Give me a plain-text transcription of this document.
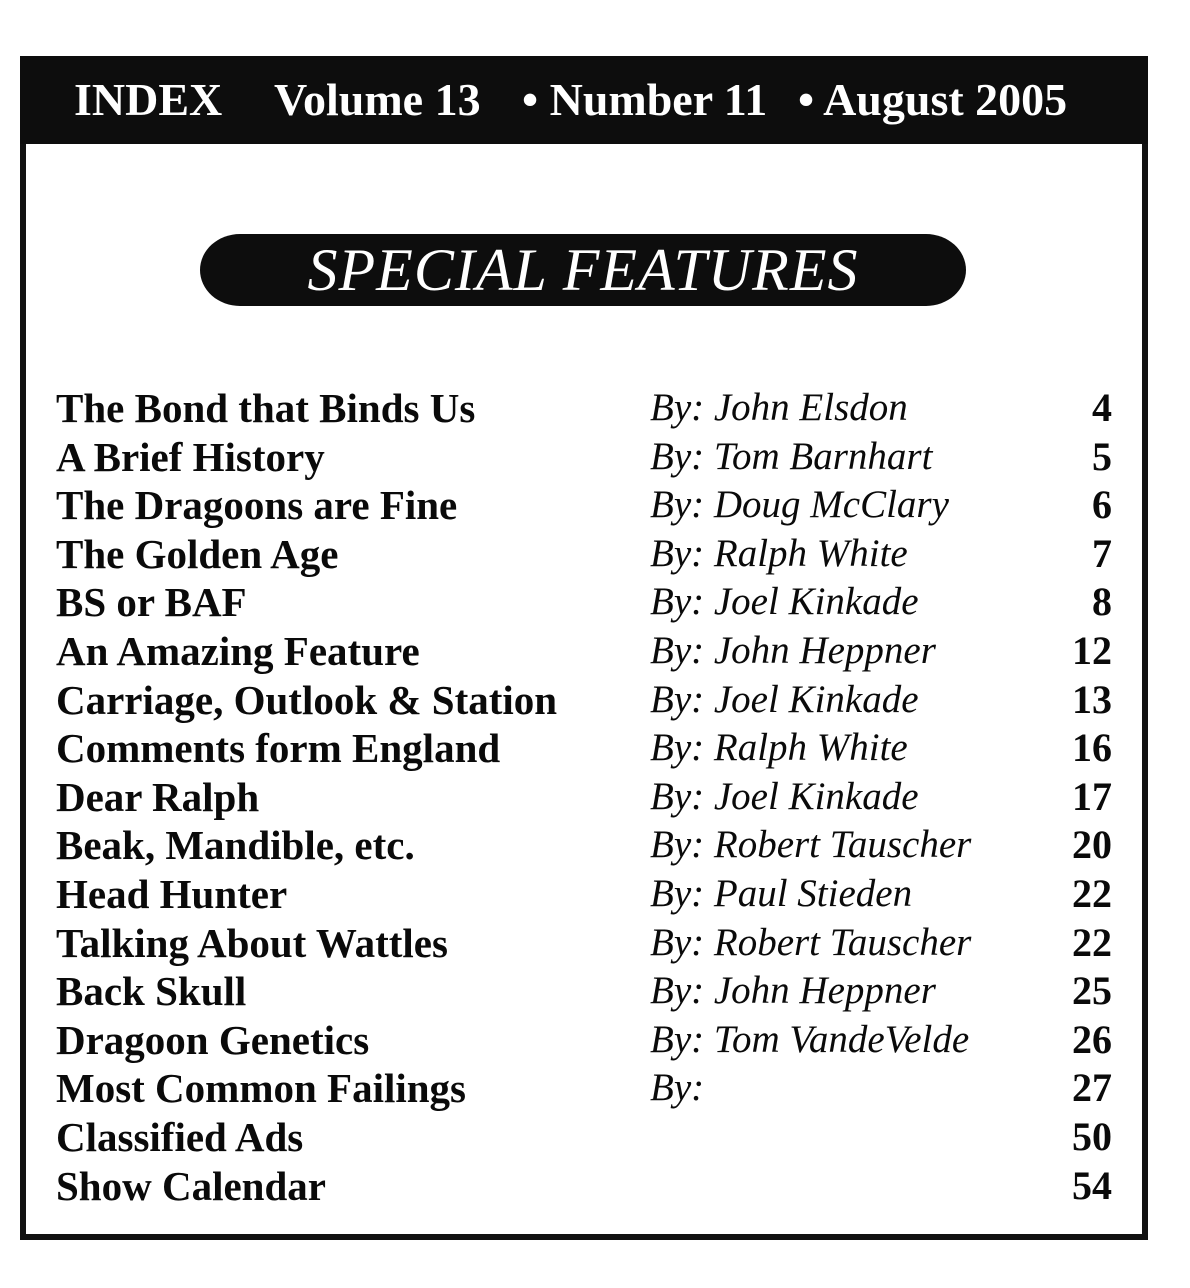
INDEX Volume 13 • Number 11 • August 2005
SPECIAL FEATURES
The Bond that Binds Us	By: John Elsdon	4
A Brief History	By: Tom Barnhart	5
The Dragoons are Fine	By: Doug McClary	6
The Golden Age	By: Ralph White	7
BS or BAF	By: Joel Kinkade	8
An Amazing Feature	By: John Heppner	12
Carriage, Outlook & Station By: Joel Kinkade	13
Comments form England	By: Ralph White	16
Dear Ralph	By: Joel Kinkade	17
Beak, Mandible, etc.	By: Robert Tauscher	20
Head Hunter	By: Paul Stieden	22
Talking About Wattles	By: Robert Tauscher	22
Back Skull	By: John Heppner	25
Dragoon Genetics	By: Tom VandeVelde	26
Most Common Failings	By:	27
Classified Ads	50
Show Calendar	54
